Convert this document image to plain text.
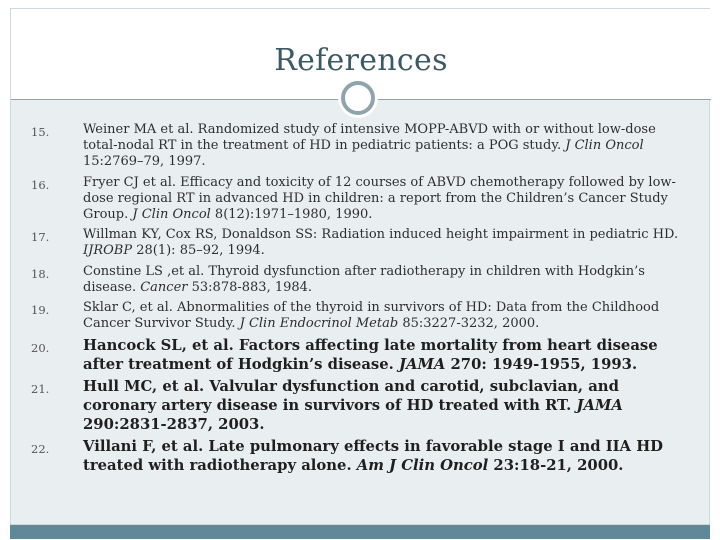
References
15.	Weiner MA et al. Randomized study of intensive MOPP-ABVD with or without low-dose total-nodal RT in the treatment of HD in pediatric patients: a POG study. J Clin Oncol 15:2769–79, 1997.
16.	Fryer CJ et al. Efficacy and toxicity of 12 courses of ABVD chemotherapy followed by low-dose regional RT in advanced HD in children: a report from the Children’s Cancer Study Group. J Clin Oncol 8(12):1971–1980, 1990.
17.	Willman KY, Cox RS, Donaldson SS: Radiation induced height impairment in pediatric HD. IJROBP 28(1): 85–92, 1994.
18.	Constine LS ,et al. Thyroid dysfunction after radiotherapy in children with Hodgkin’s disease. Cancer 53:878-883, 1984.
19.	Sklar C, et al. Abnormalities of the thyroid in survivors of HD: Data from the Childhood Cancer Survivor Study. J Clin Endocrinol Metab 85:3227-3232, 2000.
20. Hancock SL, et al. Factors affecting late mortality from heart disease after treatment of Hodgkin’s disease. JAMA 270: 1949-1955, 1993.
21. Hull MC, et al. Valvular dysfunction and carotid, subclavian, and coronary artery disease in survivors of HD treated with RT. JAMA 290:2831-2837, 2003.
22. Villani F, et al. Late pulmonary effects in favorable stage I and IIA HD treated with radiotherapy alone. Am J Clin Oncol 23:18-21, 2000.
